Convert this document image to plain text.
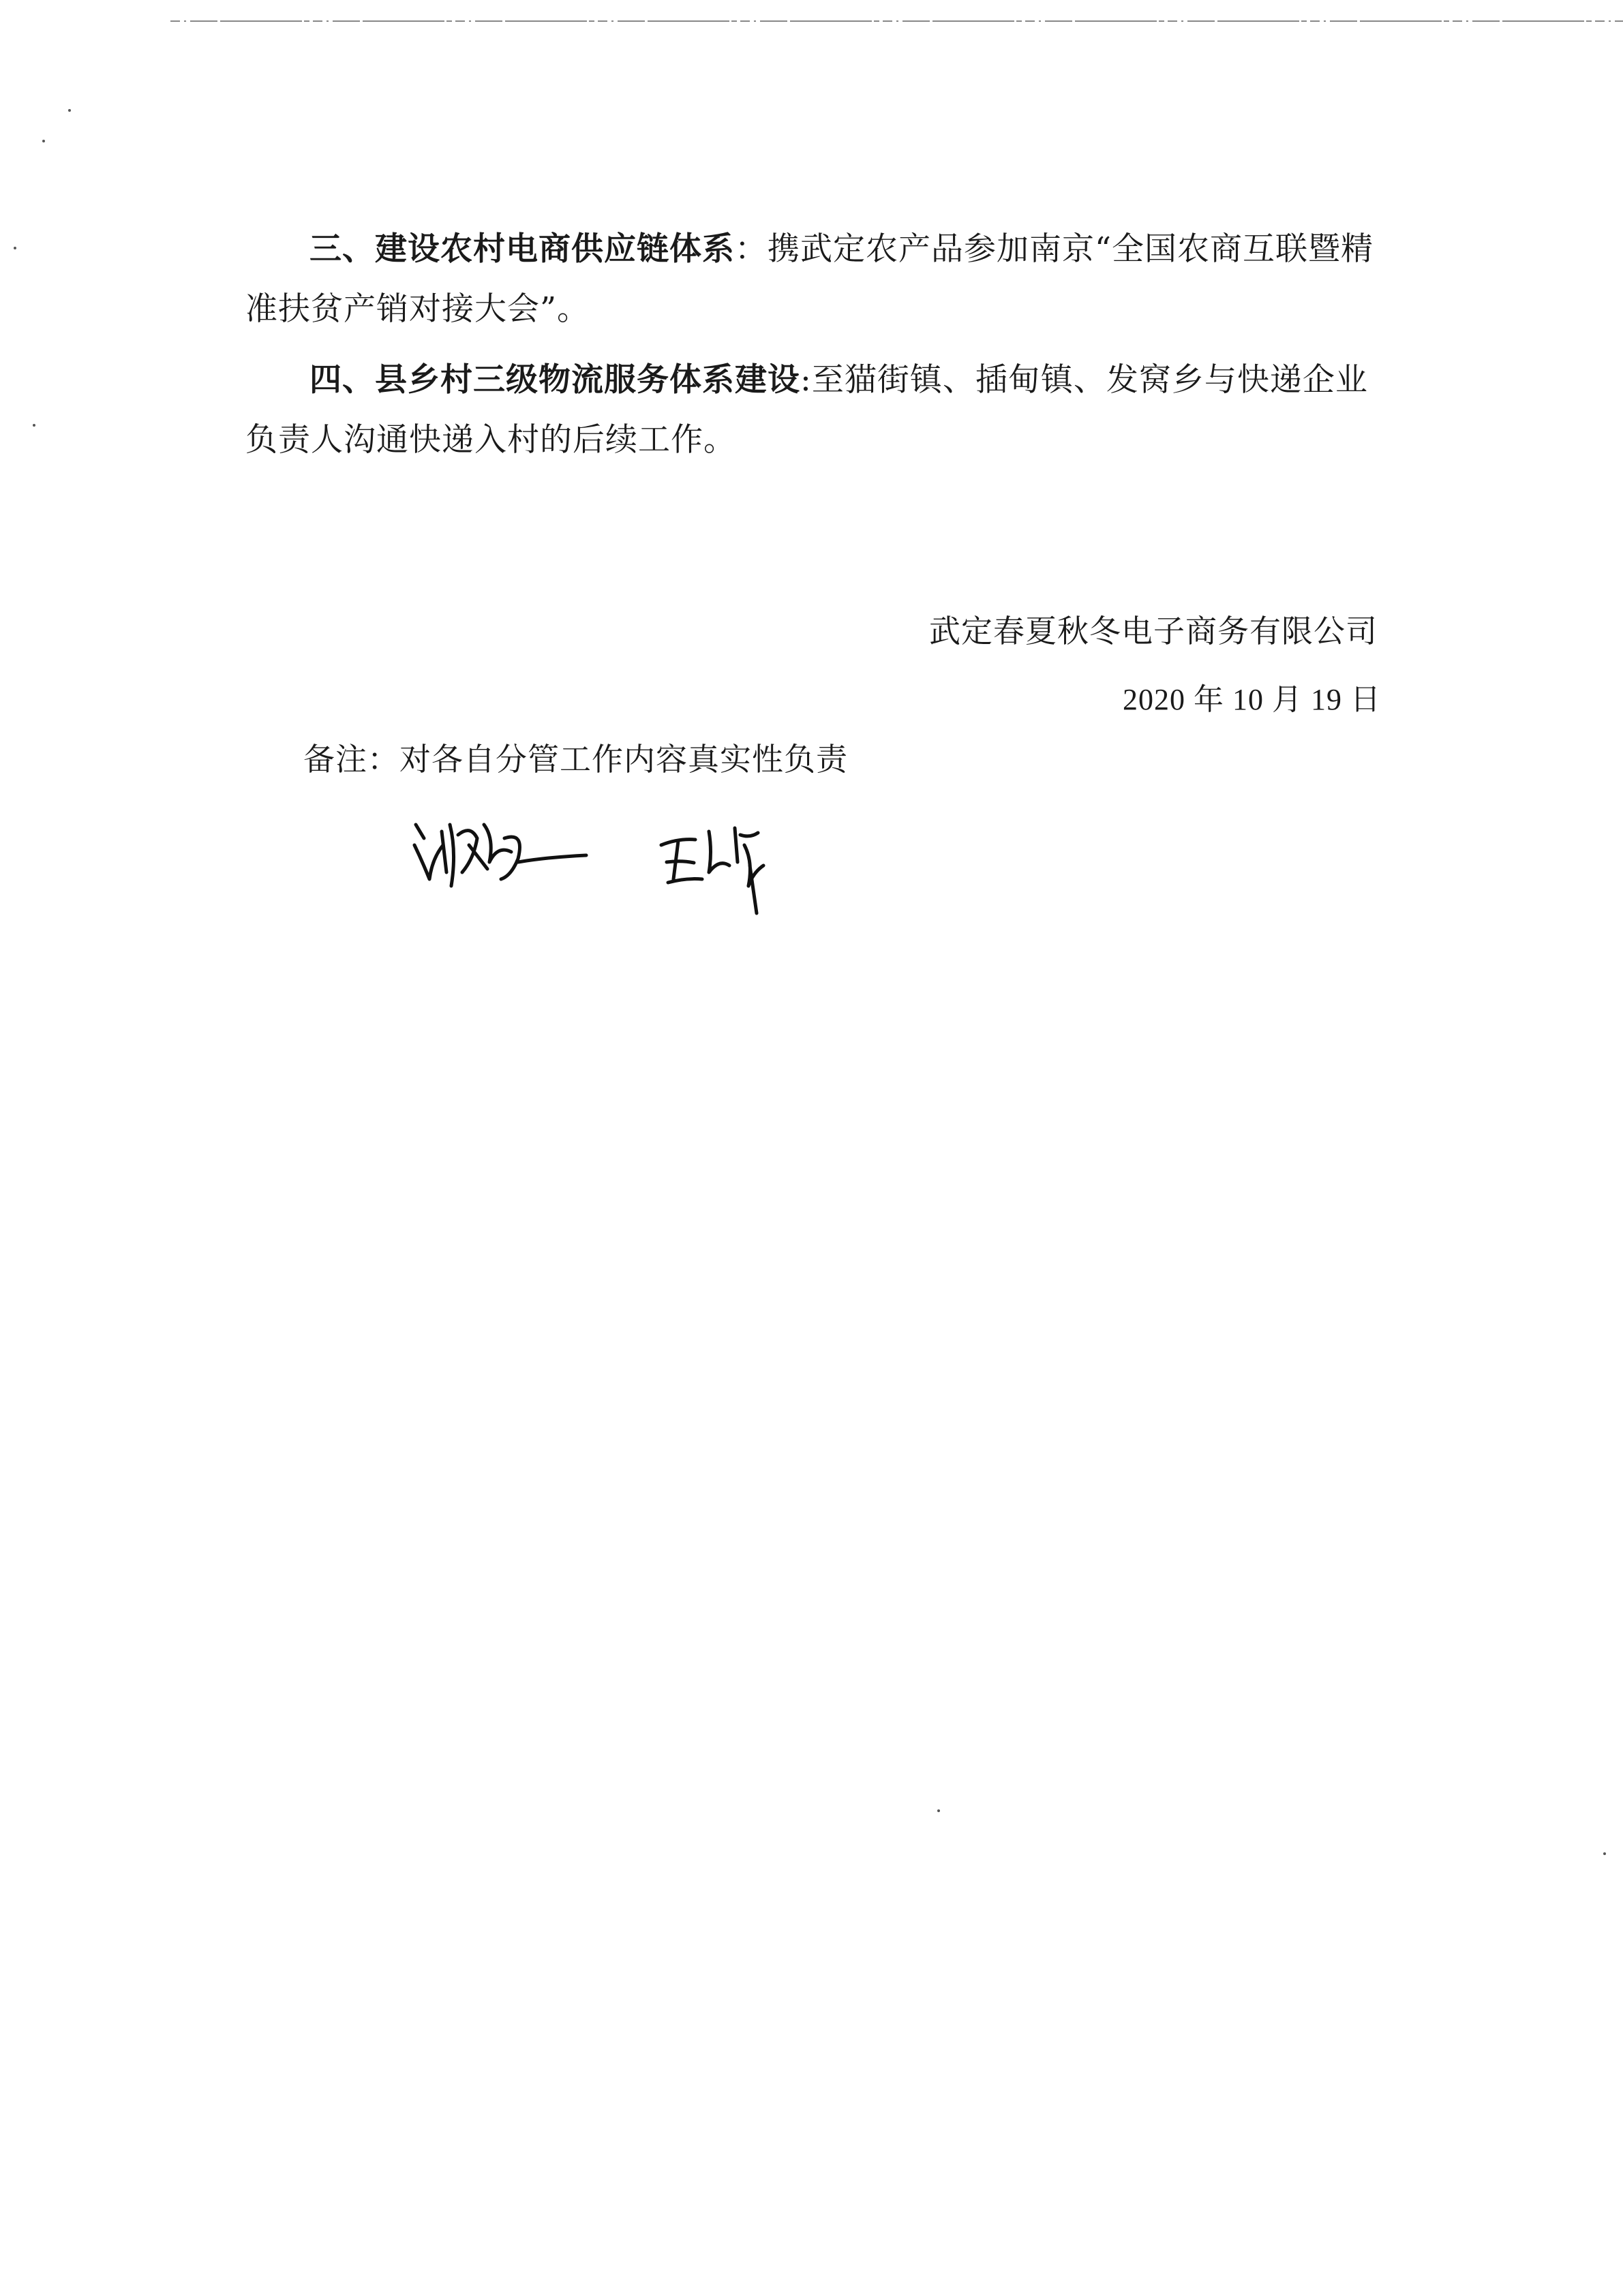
三、建设农村电商供应链体系：携武定农产品参加南京“全国农商互联暨精准扶贫产销对接大会”。

四、县乡村三级物流服务体系建设:至猫街镇、插甸镇、发窝乡与快递企业负责人沟通快递入村的后续工作。

武定春夏秋冬电子商务有限公司
2020 年 10 月 19 日
备注：对各自分管工作内容真实性负责
